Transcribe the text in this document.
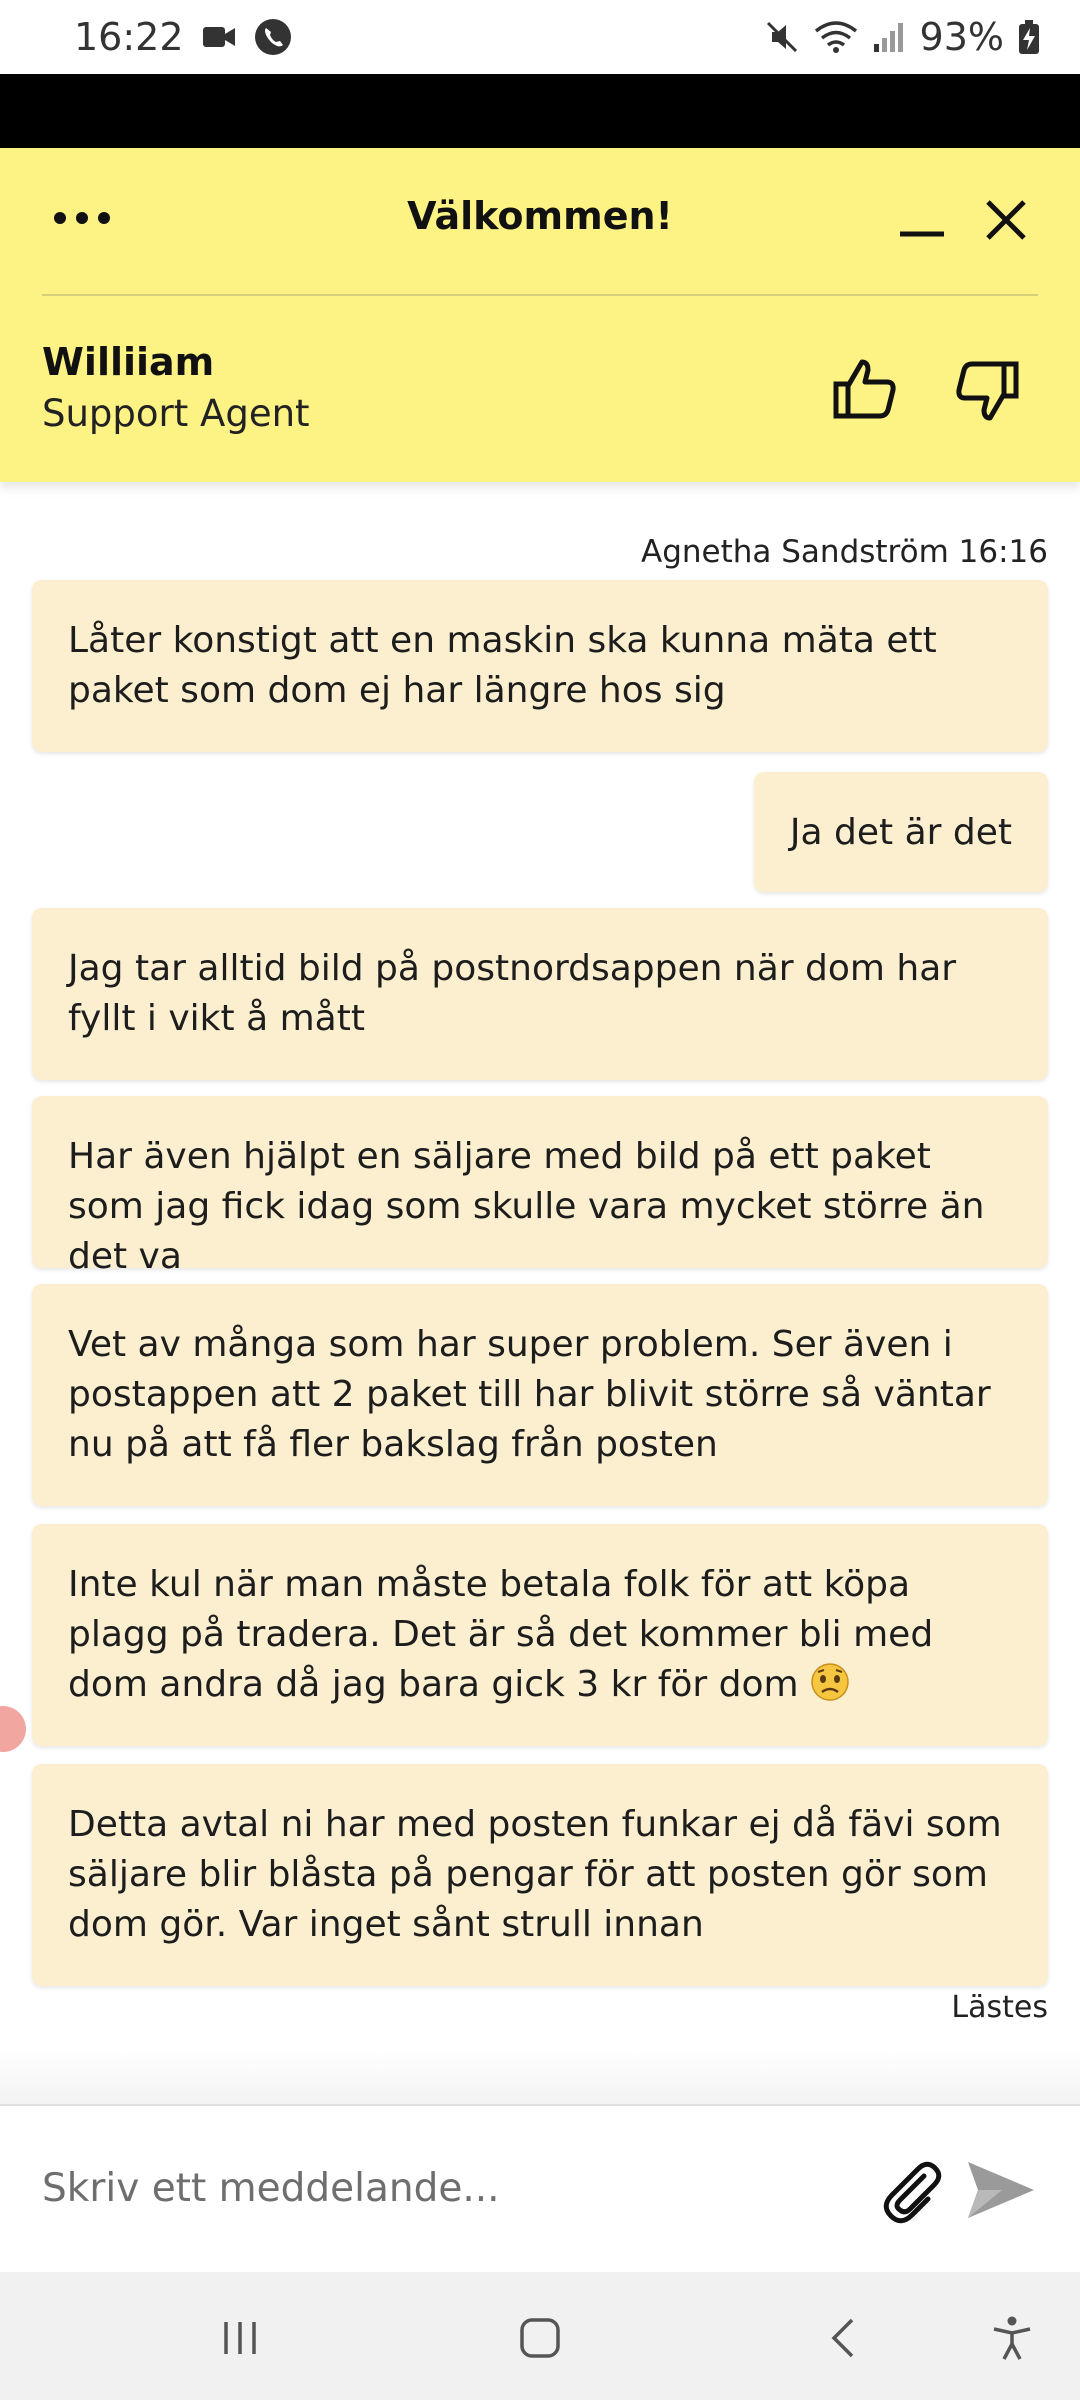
16:22	93%
Välkommen!
Williiam
Support Agent
Agnetha Sandström 16:16
Låter konstigt att en maskin ska kunna mäta ett paket som dom ej har längre hos sig
Ja det är det
Jag tar alltid bild på postnordsappen när dom har fyllt i vikt å mått
Har även hjälpt en säljare med bild på ett paket som jag fick idag som skulle vara mycket större än det va
Vet av många som har super problem. Ser även i postappen att 2 paket till har blivit större så väntar nu på att få fler bakslag från posten
Inte kul när man måste betala folk för att köpa plagg på tradera. Det är så det kommer bli med dom andra då jag bara gick 3 kr för dom
Detta avtal ni har med posten funkar ej då fävi som säljare blir blåsta på pengar för att posten gör som dom gör. Var inget sånt strull innan
Lästes
Skriv ett meddelande...
